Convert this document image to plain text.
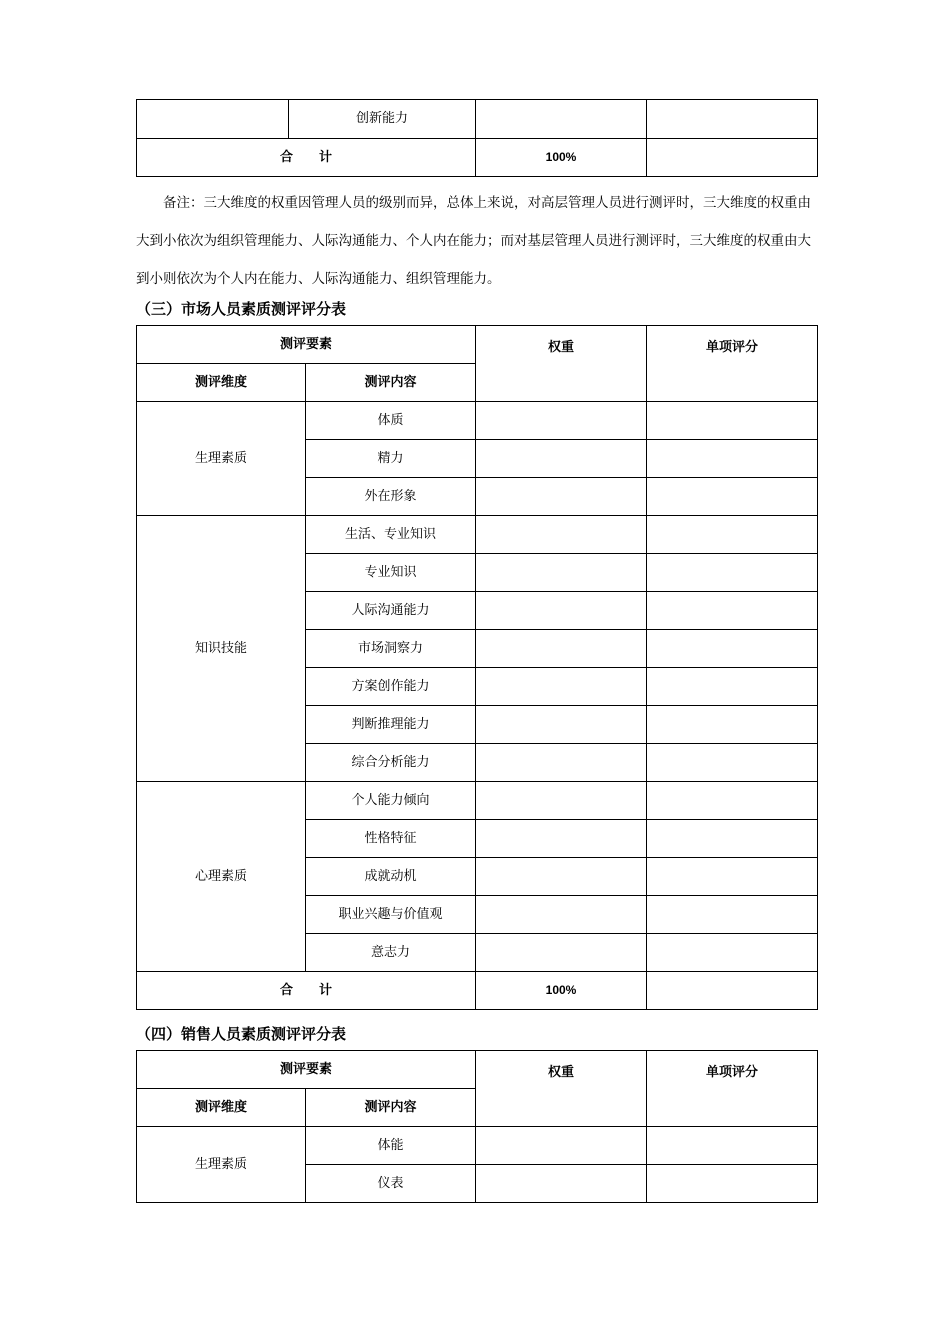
	创新能力		
合　　计		100%	

备注：三大维度的权重因管理人员的级别而异，总体上来说，对高层管理人员进行测评时，三大维度的权重由大到小依次为组织管理能力、人际沟通能力、个人内在能力；而对基层管理人员进行测评时，三大维度的权重由大到小则依次为个人内在能力、人际沟通能力、组织管理能力。

（三）市场人员素质测评评分表
测评要素		权重	单项评分
测评维度	测评内容		
生理素质	体质		
	精力		
	外在形象		
知识技能	生活、专业知识		
	专业知识		
	人际沟通能力		
	市场洞察力		
	方案创作能力		
	判断推理能力		
	综合分析能力		
心理素质	个人能力倾向		
	性格特征		
	成就动机		
	职业兴趣与价值观		
	意志力		
合　　计		100%	
（四）销售人员素质测评评分表
测评要素		权重	单项评分
测评维度	测评内容		
生理素质	体能		
	仪表		
